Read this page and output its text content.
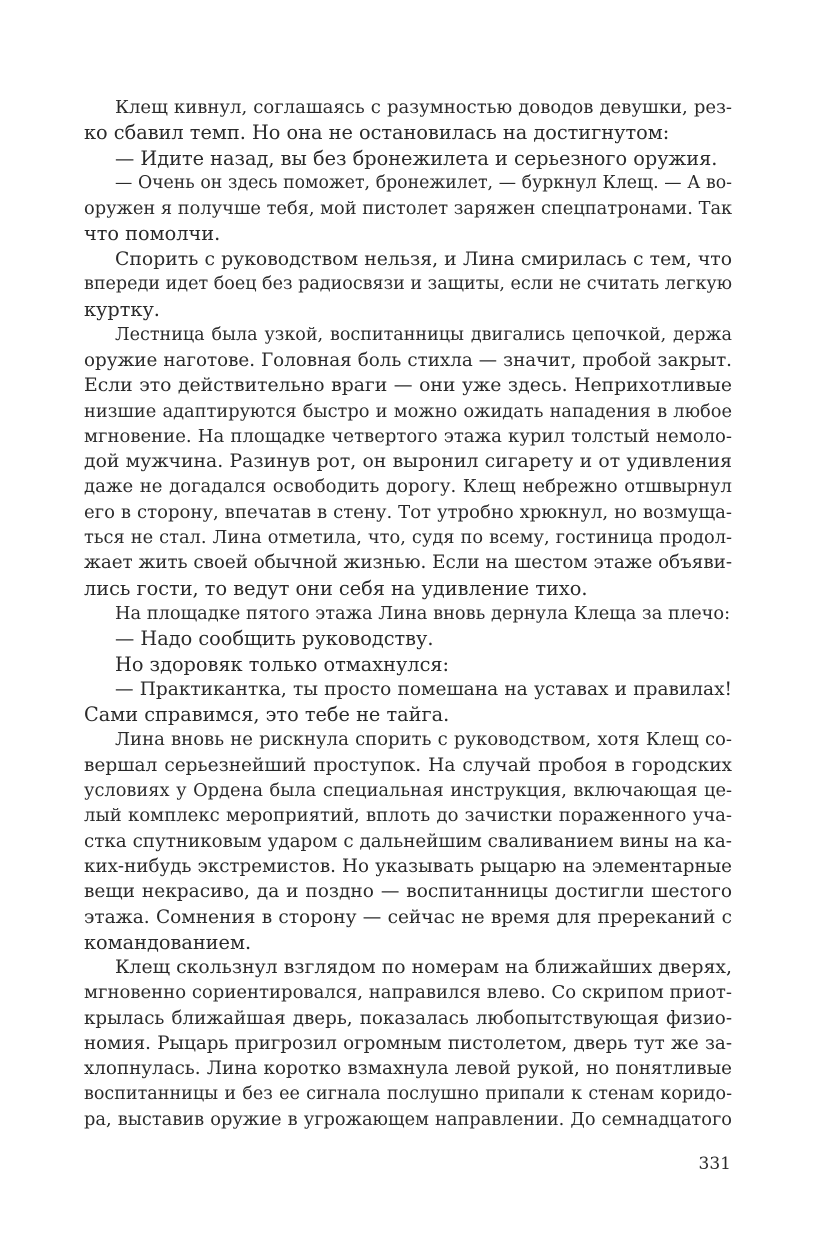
Клещ кивнул, соглашаясь с разумностью доводов девушки, рез-
ко сбавил темп. Но она не остановилась на достигнутом:
— Идите назад, вы без бронежилета и серьезного оружия.
— Очень он здесь поможет, бронежилет, — буркнул Клещ. — А во-
оружен я получше тебя, мой пистолет заряжен спецпатронами. Так
что помолчи.
Спорить с руководством нельзя, и Лина смирилась с тем, что
впереди идет боец без радиосвязи и защиты, если не считать легкую
куртку.
Лестница была узкой, воспитанницы двигались цепочкой, держа
оружие наготове. Головная боль стихла — значит, пробой закрыт.
Если это действительно враги — они уже здесь. Неприхотливые
низшие адаптируются быстро и можно ожидать нападения в любое
мгновение. На площадке четвертого этажа курил толстый немоло-
дой мужчина. Разинув рот, он выронил сигарету и от удивления
даже не догадался освободить дорогу. Клещ небрежно отшвырнул
его в сторону, впечатав в стену. Тот утробно хрюкнул, но возмуща-
ться не стал. Лина отметила, что, судя по всему, гостиница продол-
жает жить своей обычной жизнью. Если на шестом этаже объяви-
лись гости, то ведут они себя на удивление тихо.
На площадке пятого этажа Лина вновь дернула Клеща за плечо:
— Надо сообщить руководству.
Но здоровяк только отмахнулся:
— Практикантка, ты просто помешана на уставах и правилах!
Сами справимся, это тебе не тайга.
Лина вновь не рискнула спорить с руководством, хотя Клещ со-
вершал серьезнейший проступок. На случай пробоя в городских
условиях у Ордена была специальная инструкция, включающая це-
лый комплекс мероприятий, вплоть до зачистки пораженного уча-
стка спутниковым ударом с дальнейшим сваливанием вины на ка-
ких-нибудь экстремистов. Но указывать рыцарю на элементарные
вещи некрасиво, да и поздно — воспитанницы достигли шестого
этажа. Сомнения в сторону — сейчас не время для пререканий с
командованием.
Клещ скользнул взглядом по номерам на ближайших дверях,
мгновенно сориентировался, направился влево. Со скрипом приот-
крылась ближайшая дверь, показалась любопытствующая физио-
номия. Рыцарь пригрозил огромным пистолетом, дверь тут же за-
хлопнулась. Лина коротко взмахнула левой рукой, но понятливые
воспитанницы и без ее сигнала послушно припали к стенам коридо-
ра, выставив оружие в угрожающем направлении. До семнадцатого
331
